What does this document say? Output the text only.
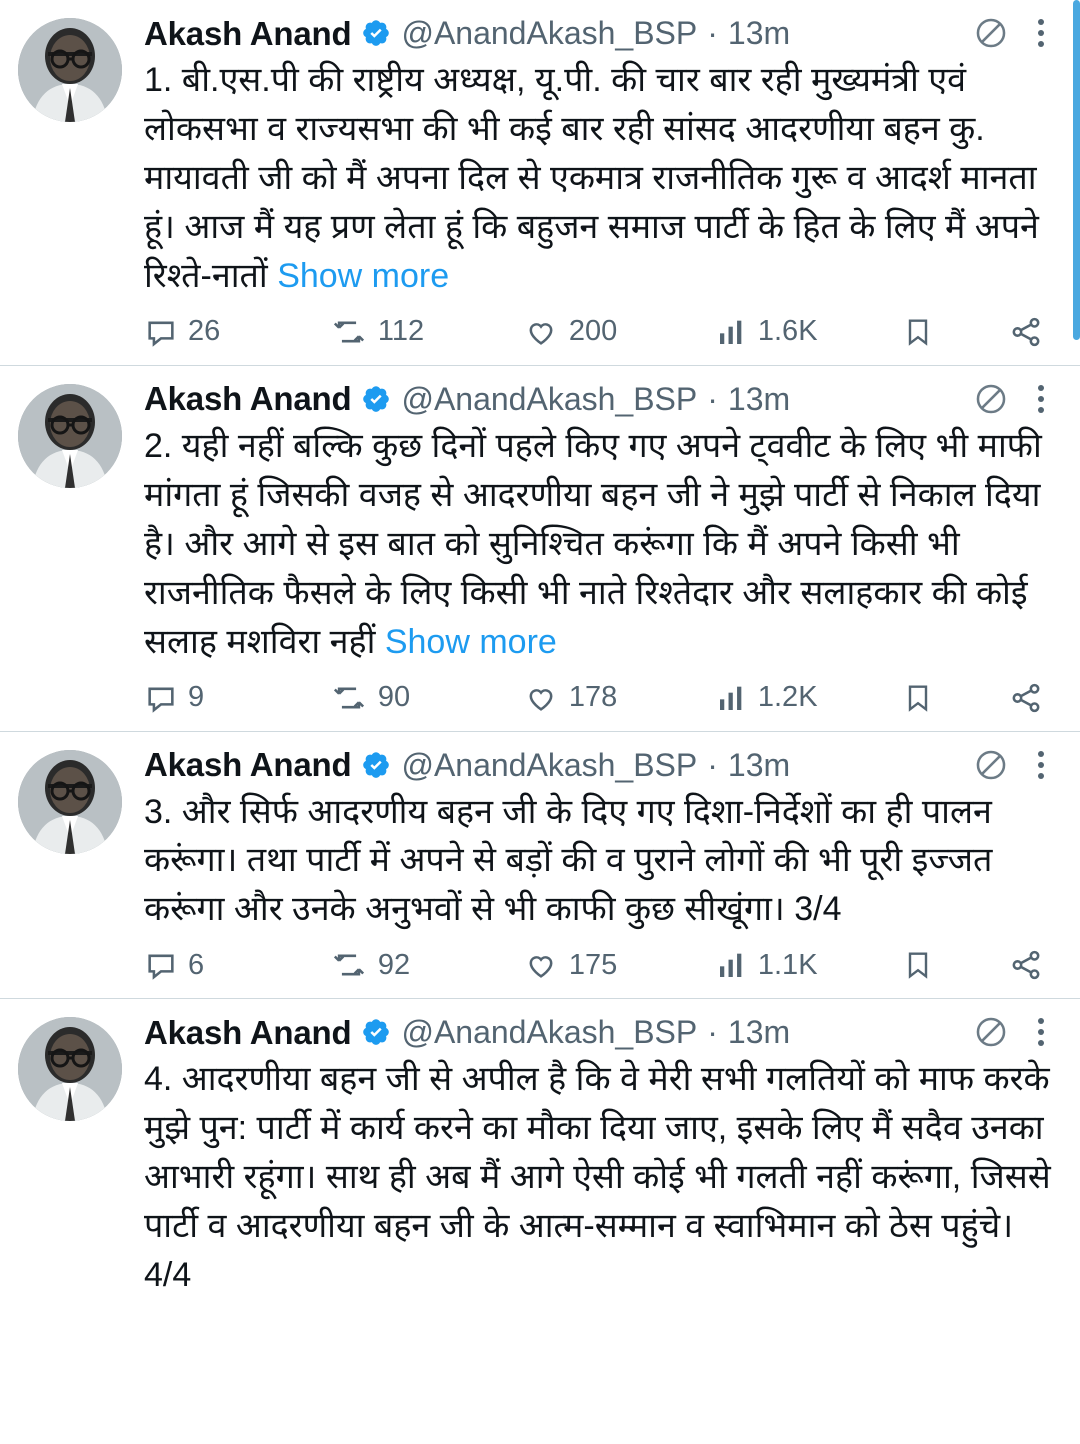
Akash Anand @AnandAkash_BSP · 13m
1. बी.एस.पी की राष्ट्रीय अध्यक्ष, यू.पी. की चार बार रही मुख्यमंत्री एवं लोकसभा व राज्यसभा की भी कई बार रही सांसद आदरणीया बहन कु. मायावती जी को मैं अपना दिल से एकमात्र राजनीतिक गुरू व आदर्श मानता हूं। आज मैं यह प्रण लेता हूं कि बहुजन समाज पार्टी के हित के लिए मैं अपने रिश्ते-नातों Show more
26	112	200	1.6K
Akash Anand @AnandAkash_BSP · 13m
2. यही नहीं बल्कि कुछ दिनों पहले किए गए अपने ट्ववीट के लिए भी माफी मांगता हूं जिसकी वजह से आदरणीया बहन जी ने मुझे पार्टी से निकाल दिया है। और आगे से इस बात को सुनिश्चित करूंगा कि मैं अपने किसी भी राजनीतिक फैसले के लिए किसी भी नाते रिश्तेदार और सलाहकार की कोई सलाह मशविरा नहीं Show more
9	90	178	1.2K
Akash Anand @AnandAkash_BSP · 13m
3. और सिर्फ आदरणीय बहन जी के दिए गए दिशा-निर्देशों का ही पालन करूंगा। तथा पार्टी में अपने से बड़ों की व पुराने लोगों की भी पूरी इज्जत करूंगा और उनके अनुभवों से भी काफी कुछ सीखूंगा। 3/4
6	92	175	1.1K
Akash Anand @AnandAkash_BSP · 13m
4. आदरणीया बहन जी से अपील है कि वे मेरी सभी गलतियों को माफ करके मुझे पुन: पार्टी में कार्य करने का मौका दिया जाए, इसके लिए मैं सदैव उनका आभारी रहूंगा। साथ ही अब मैं आगे ऐसी कोई भी गलती नहीं करूंगा, जिससे पार्टी व आदरणीया बहन जी के आत्म-सम्मान व स्वाभिमान को ठेस पहुंचे। 4/4
